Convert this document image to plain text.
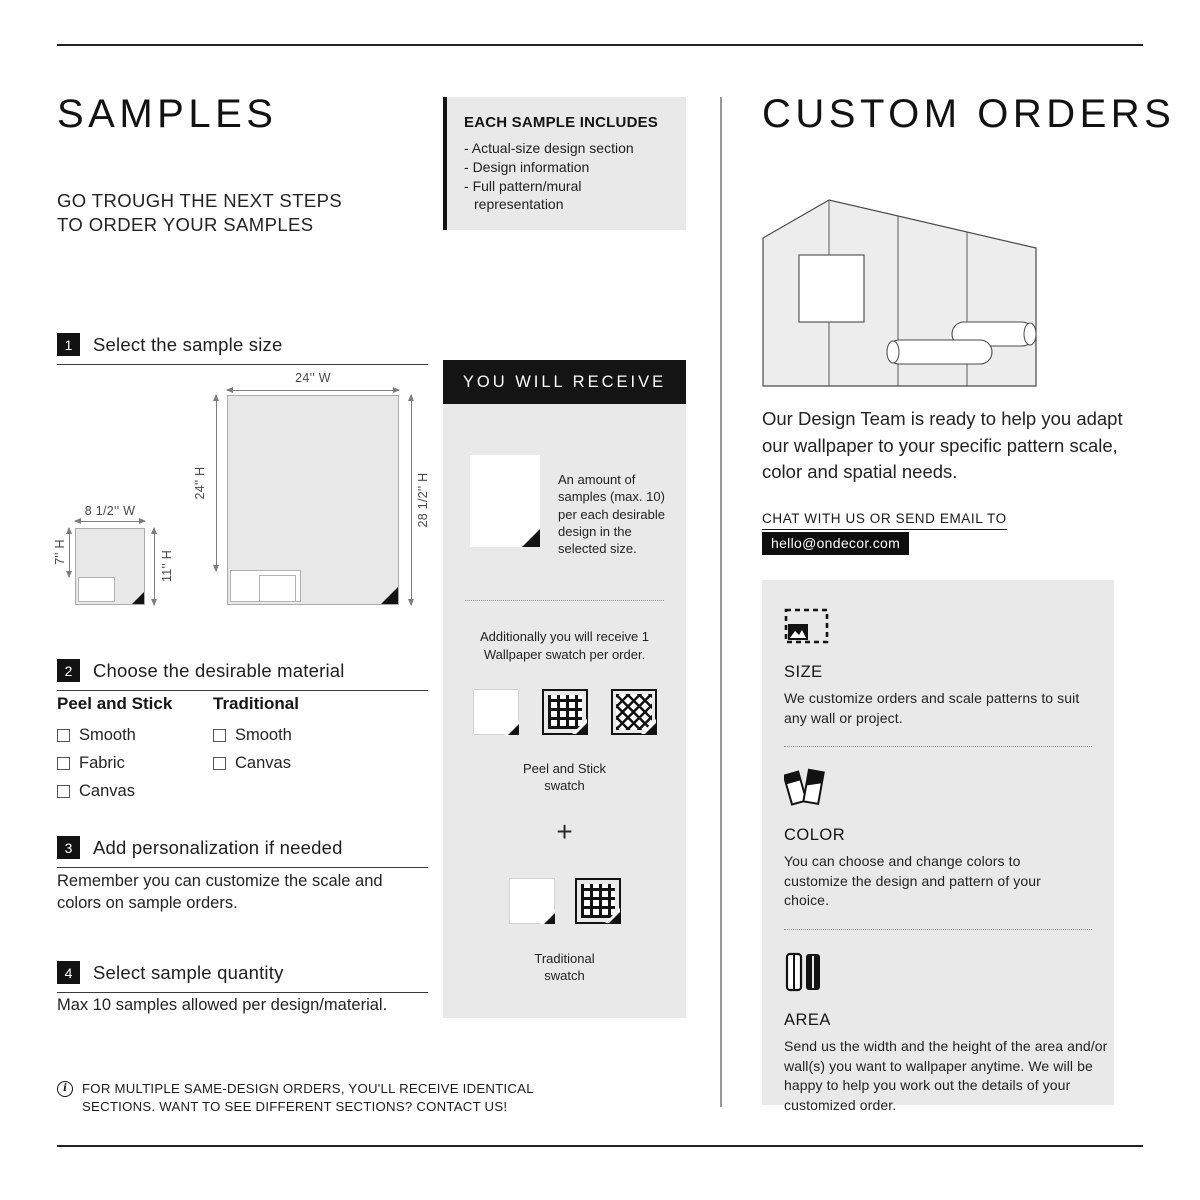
SAMPLES
GO TROUGH THE NEXT STEPS TO ORDER YOUR SAMPLES
1	Select the sample size
24'' W
24'' H	28 1/2'' H
8 1/2'' W
7'' H	11'' H
2	Choose the desirable material
Peel and Stick
Smooth
Fabric
Canvas
Traditional
Smooth
Canvas
3	Add personalization if needed
Remember you can customize the scale and colors on sample orders.
4	Select sample quantity
Max 10 samples allowed per design/material.
i
FOR MULTIPLE SAME-DESIGN ORDERS, YOU'LL RECEIVE IDENTICAL SECTIONS. WANT TO SEE DIFFERENT SECTIONS? CONTACT US!
EACH SAMPLE INCLUDES
- Actual-size design section
- Design information
- Full pattern/mural representation
YOU WILL RECEIVE
An amount of samples (max. 10) per each desirable design in the selected size.
Additionally you will receive 1 Wallpaper swatch per order.
Peel and Stick swatch
+
Traditional swatch
CUSTOM ORDERS
Our Design Team is ready to help you adapt our wallpaper to your specific pattern scale, color and spatial needs.
CHAT WITH US OR SEND EMAIL TO
hello@ondecor.com
SIZE
We customize orders and scale patterns to suit any wall or project.
COLOR
You can choose and change colors to customize the design and pattern of your choice.
AREA
Send us the width and the height of the area and/or wall(s) you want to wallpaper anytime. We will be happy to help you work out the details of your customized order.
